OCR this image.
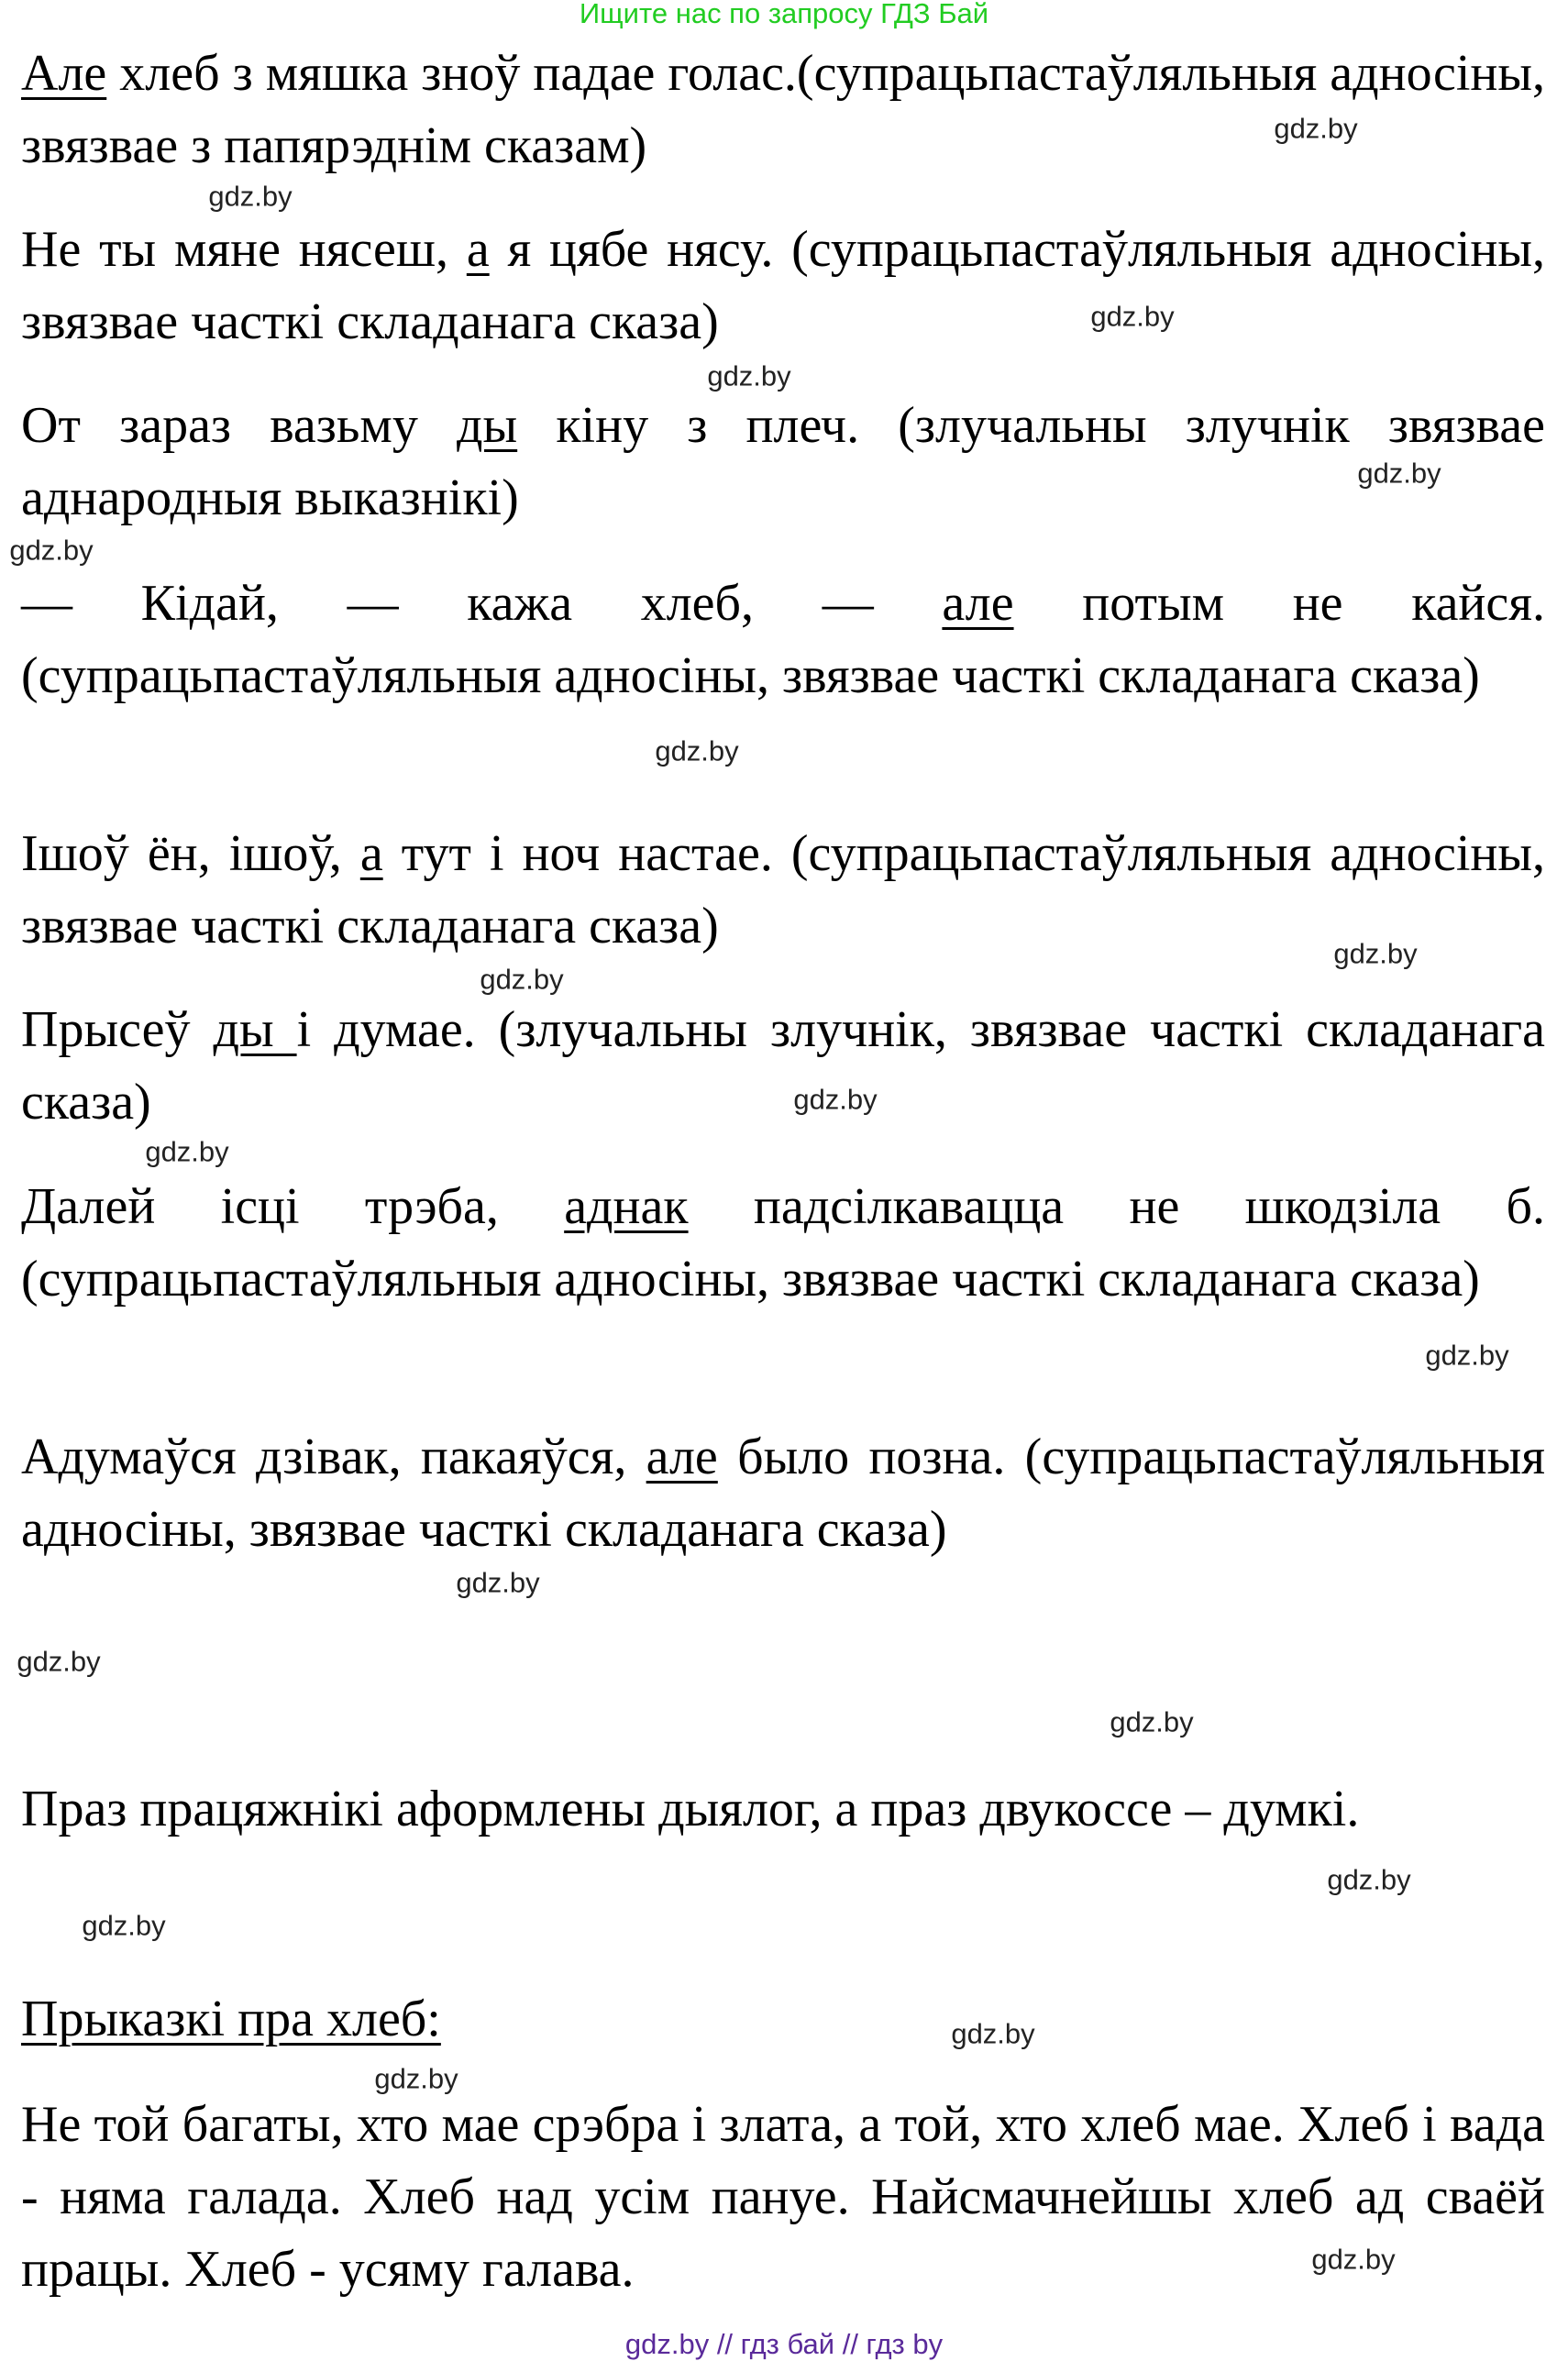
Ищите нас по запросу ГДЗ Бай

Але хлеб з мяшка зноў падае голас.(супрацьпастаўляльныя адносіны, звязвае з папярэднім сказам)

Не ты мяне нясеш, а я цябе нясу. (супрацьпастаўляльныя адносіны, звязвае часткі складанага сказа)

От зараз вазьму ды кіну з плеч. (злучальны злучнік звязвае аднародныя выказнікі)

— Кідай, — кажа хлеб, — але потым не кайся. (супрацьпастаўляльныя адносіны, звязвае часткі складанага сказа)

Ішоў ён, ішоў, а тут і ноч настае. (супрацьпастаўляльныя адносіны, звязвае часткі складанага сказа)

Прысеў ды і думае. (злучальны злучнік, звязвае часткі складанага сказа)

Далей ісці трэба, аднак падсілкавацца не шкодзіла б. (супрацьпастаўляльныя адносіны, звязвае часткі складанага сказа)

Адумаўся дзівак, пакаяўся, але было позна. (супрацьпастаўляльныя адносіны, звязвае часткі складанага сказа)

Праз працяжнікі аформлены дыялог, а праз двукоссе – думкі.

Прыказкі пра хлеб:

Не той багаты, хто мае срэбра і злата, а той, хто хлеб мае. Хлеб і вада - няма галада. Хлеб над усім пануе. Найсмачнейшы хлеб ад сваёй працы. Хлеб - усяму галава.

gdz.by
gdz.by
gdz.by
gdz.by
gdz.by
gdz.by
gdz.by
gdz.by
gdz.by
gdz.by
gdz.by
gdz.by
gdz.by
gdz.by
gdz.by
gdz.by
gdz.by
gdz.by
gdz.by
gdz.by
gdz.by // гдз бай // гдз by
